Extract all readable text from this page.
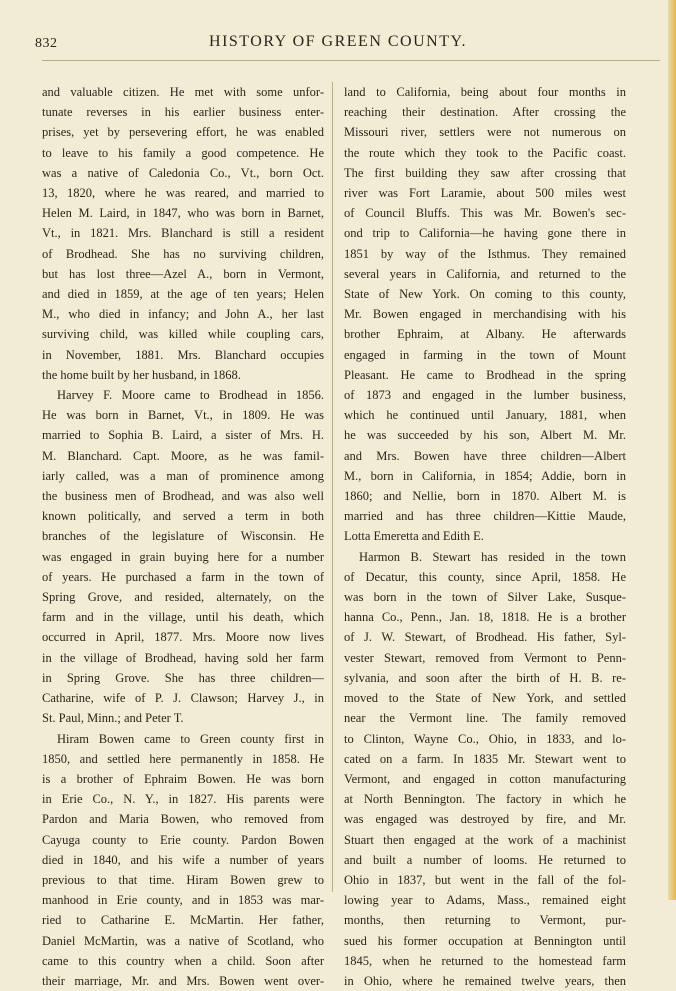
832	HISTORY OF GREEN COUNTY.
and valuable citizen. He met with some unfor-
tunate reverses in his earlier business enter-
prises, yet by persevering effort, he was enabled
to leave to his family a good competence. He
was a native of Caledonia Co., Vt., born Oct.
13, 1820, where he was reared, and married to
Helen M. Laird, in 1847, who was born in Barnet,
Vt., in 1821. Mrs. Blanchard is still a resident
of Brodhead. She has no surviving children,
but has lost three—Azel A., born in Vermont,
and died in 1859, at the age of ten years; Helen
M., who died in infancy; and John A., her last
surviving child, was killed while coupling cars,
in November, 1881. Mrs. Blanchard occupies
the home built by her husband, in 1868.
Harvey F. Moore came to Brodhead in 1856.
He was born in Barnet, Vt., in 1809. He was
married to Sophia B. Laird, a sister of Mrs. H.
M. Blanchard. Capt. Moore, as he was famil-
iarly called, was a man of prominence among
the business men of Brodhead, and was also well
known politically, and served a term in both
branches of the legislature of Wisconsin. He
was engaged in grain buying here for a number
of years. He purchased a farm in the town of
Spring Grove, and resided, alternately, on the
farm and in the village, until his death, which
occurred in April, 1877. Mrs. Moore now lives
in the village of Brodhead, having sold her farm
in Spring Grove. She has three children—
Catharine, wife of P. J. Clawson; Harvey J., in
St. Paul, Minn.; and Peter T.
Hiram Bowen came to Green county first in
1850, and settled here permanently in 1858. He
is a brother of Ephraim Bowen. He was born
in Erie Co., N. Y., in 1827. His parents were
Pardon and Maria Bowen, who removed from
Cayuga county to Erie county. Pardon Bowen
died in 1840, and his wife a number of years
previous to that time. Hiram Bowen grew to
manhood in Erie county, and in 1853 was mar-
ried to Catharine E. McMartin. Her father,
Daniel McMartin, was a native of Scotland, who
came to this country when a child. Soon after
their marriage, Mr. and Mrs. Bowen went over-
land to California, being about four months in
reaching their destination. After crossing the
Missouri river, settlers were not numerous on
the route which they took to the Pacific coast.
The first building they saw after crossing that
river was Fort Laramie, about 500 miles west
of Council Bluffs. This was Mr. Bowen's sec-
ond trip to California—he having gone there in
1851 by way of the Isthmus. They remained
several years in California, and returned to the
State of New York. On coming to this county,
Mr. Bowen engaged in merchandising with his
brother Ephraim, at Albany. He afterwards
engaged in farming in the town of Mount
Pleasant. He came to Brodhead in the spring
of 1873 and engaged in the lumber business,
which he continued until January, 1881, when
he was succeeded by his son, Albert M. Mr.
and Mrs. Bowen have three children—Albert
M., born in California, in 1854; Addie, born in
1860; and Nellie, born in 1870. Albert M. is
married and has three children—Kittie Maude,
Lotta Emeretta and Edith E.
Harmon B. Stewart has resided in the town
of Decatur, this county, since April, 1858. He
was born in the town of Silver Lake, Susque-
hanna Co., Penn., Jan. 18, 1818. He is a brother
of J. W. Stewart, of Brodhead. His father, Syl-
vester Stewart, removed from Vermont to Penn-
sylvania, and soon after the birth of H. B. re-
moved to the State of New York, and settled
near the Vermont line. The family removed
to Clinton, Wayne Co., Ohio, in 1833, and lo-
cated on a farm. In 1835 Mr. Stewart went to
Vermont, and engaged in cotton manufacturing
at North Bennington. The factory in which he
was engaged was destroyed by fire, and Mr.
Stuart then engaged at the work of a machinist
and built a number of looms. He returned to
Ohio in 1837, but went in the fall of the fol-
lowing year to Adams, Mass., remained eight
months, then returning to Vermont, pur-
sued his former occupation at Bennington until
1845, when he returned to the homestead farm
in Ohio, where he remained twelve years, then
